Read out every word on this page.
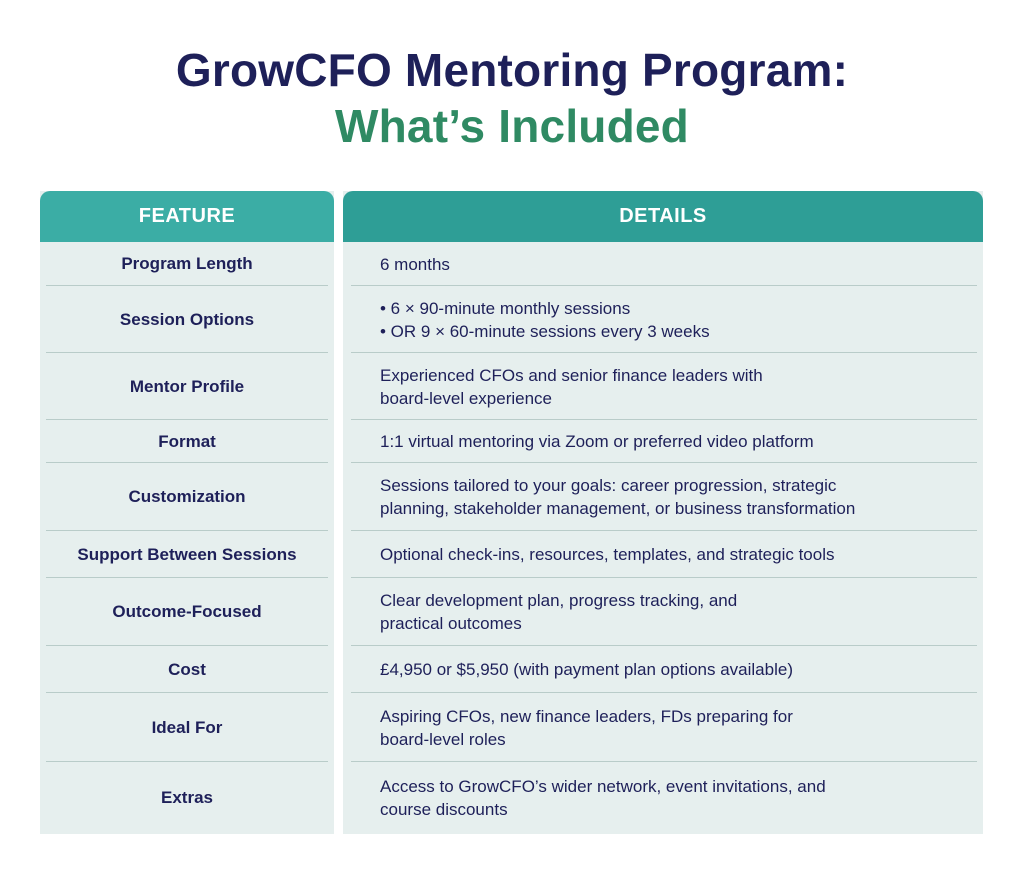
GrowCFO Mentoring Program:
What’s Included
FEATURE
Program Length
Session Options
Mentor Profile
Format
Customization
Support Between Sessions
Outcome-Focused
Cost
Ideal For
Extras
DETAILS
6 months
• 6 × 90-minute monthly sessions
• OR 9 × 60-minute sessions every 3 weeks
Experienced CFOs and senior finance leaders with
board-level experience
1:1 virtual mentoring via Zoom or preferred video platform
Sessions tailored to your goals: career progression, strategic
planning, stakeholder management, or business transformation
Optional check-ins, resources, templates, and strategic tools
Clear development plan, progress tracking, and
practical outcomes
£4,950 or $5,950 (with payment plan options available)
Aspiring CFOs, new finance leaders, FDs preparing for
board-level roles
Access to GrowCFO’s wider network, event invitations, and
course discounts
